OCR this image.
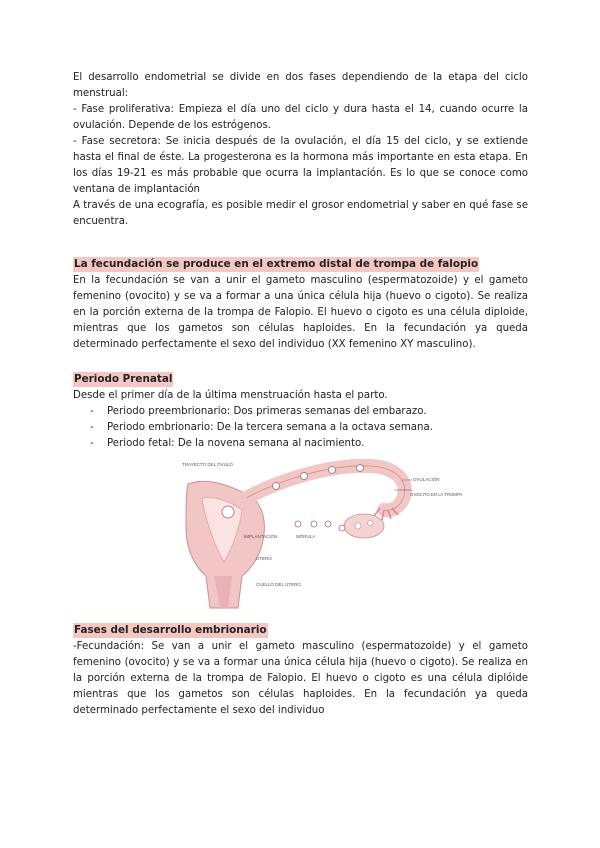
El desarrollo endometrial se divide en dos fases dependiendo de la etapa del ciclo menstrual:

- Fase proliferativa: Empieza el día uno del ciclo y dura hasta el 14, cuando ocurre la ovulación. Depende de los estrógenos.

- Fase secretora: Se inicia después de la ovulación, el día 15 del ciclo, y se extiende hasta el final de éste. La progesterona es la hormona más importante en esta etapa. En los días 19-21 es más probable que ocurra la implantación. Es lo que se conoce como ventana de implantación

A través de una ecografía, es posible medir el grosor endometrial y saber en qué fase se encuentra.

La fecundación se produce en el extremo distal de trompa de falopio

En la fecundación se van a unir el gameto masculino (espermatozoide) y el gameto femenino (ovocito) y se va a formar a una única célula hija (huevo o cigoto). Se realiza en la porción externa de la trompa de Falopio. El huevo o cigoto es una célula diploide, mientras que los gametos son células haploides. En la fecundación ya queda determinado perfectamente el sexo del individuo (XX femenino XY masculino).

Periodo Prenatal

Desde el primer día de la última menstruación hasta el parto.

- Periodo preembrionario: Dos primeras semanas del embarazo.
- Periodo embrionario: De la tercera semana a la octava semana.
- Periodo fetal: De la novena semana al nacimiento.
TRAYECTO DEL ÓVULO
OVULACIÓN
OVOCITO EN LA TROMPA
IMPLANTACIÓN	MÓRULA
ÚTERO
CUELLO DEL ÚTERO
Fases del desarrollo embrionario

-Fecundación: Se van a unir el gameto masculino (espermatozoide) y el gameto femenino (ovocito) y se va a formar una única célula hija (huevo o cigoto). Se realiza en la porción externa de la trompa de Falopio. El huevo o cigoto es una célula diplóide mientras que los gametos son células haploides. En la fecundación ya queda determinado perfectamente el sexo del individuo
